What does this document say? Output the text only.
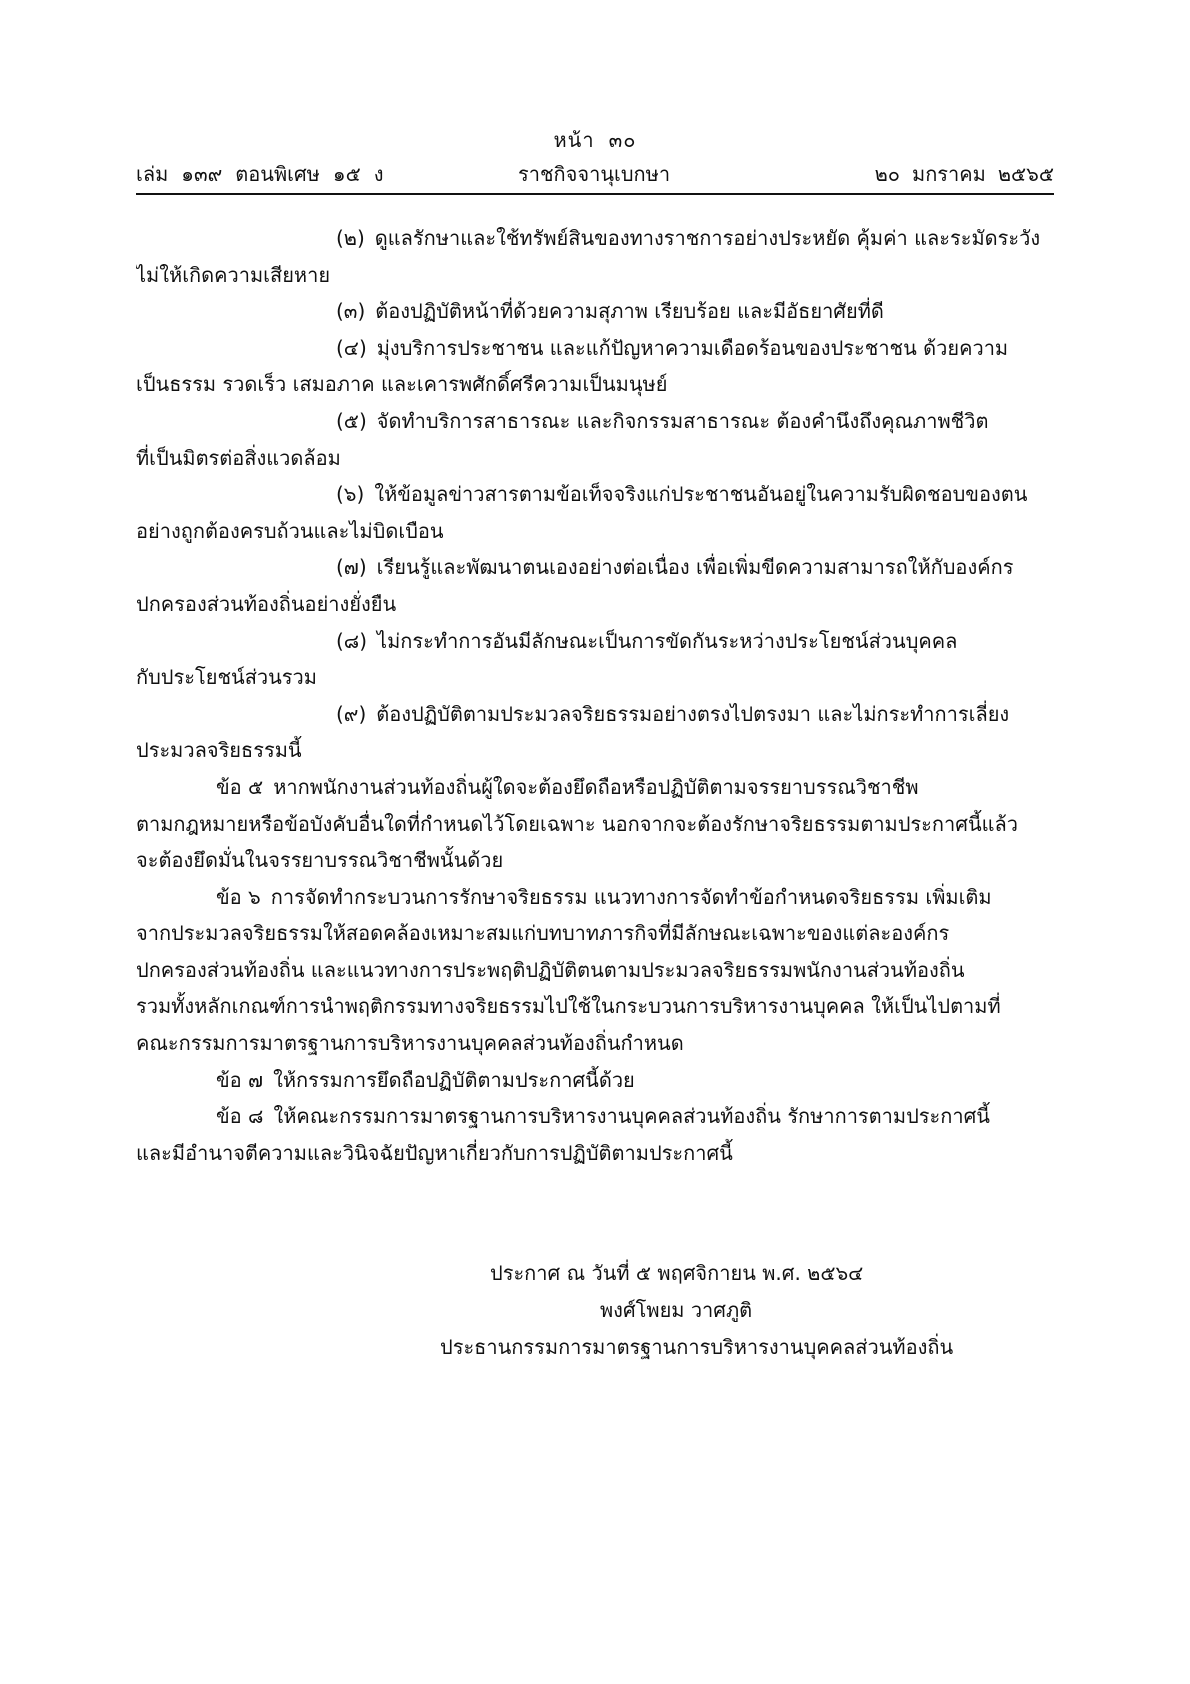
หน้า ๓๐
เล่ม ๑๓๙ ตอนพิเศษ ๑๕ ง	ราชกิจจานุเบกษา	๒๐ มกราคม ๒๕๖๕
(๒) ดูแลรักษาและใช้ทรัพย์สินของทางราชการอย่างประหยัด คุ้มค่า และระมัดระวัง
ไม่ให้เกิดความเสียหาย
(๓) ต้องปฏิบัติหน้าที่ด้วยความสุภาพ เรียบร้อย และมีอัธยาศัยที่ดี
(๔) มุ่งบริการประชาชน และแก้ปัญหาความเดือดร้อนของประชาชน ด้วยความ
เป็นธรรม รวดเร็ว เสมอภาค และเคารพศักดิ์ศรีความเป็นมนุษย์
(๕) จัดทำบริการสาธารณะ และกิจกรรมสาธารณะ ต้องคำนึงถึงคุณภาพชีวิต
ที่เป็นมิตรต่อสิ่งแวดล้อม
(๖) ให้ข้อมูลข่าวสารตามข้อเท็จจริงแก่ประชาชนอันอยู่ในความรับผิดชอบของตน
อย่างถูกต้องครบถ้วนและไม่บิดเบือน
(๗) เรียนรู้และพัฒนาตนเองอย่างต่อเนื่อง เพื่อเพิ่มขีดความสามารถให้กับองค์กร
ปกครองส่วนท้องถิ่นอย่างยั่งยืน
(๘) ไม่กระทำการอันมีลักษณะเป็นการขัดกันระหว่างประโยชน์ส่วนบุคคล
กับประโยชน์ส่วนรวม
(๙) ต้องปฏิบัติตามประมวลจริยธรรมอย่างตรงไปตรงมา และไม่กระทำการเลี่ยง
ประมวลจริยธรรมนี้
ข้อ ๕ หากพนักงานส่วนท้องถิ่นผู้ใดจะต้องยึดถือหรือปฏิบัติตามจรรยาบรรณวิชาชีพ
ตามกฎหมายหรือข้อบังคับอื่นใดที่กำหนดไว้โดยเฉพาะ นอกจากจะต้องรักษาจริยธรรมตามประกาศนี้แล้ว
จะต้องยึดมั่นในจรรยาบรรณวิชาชีพนั้นด้วย
ข้อ ๖ การจัดทำกระบวนการรักษาจริยธรรม แนวทางการจัดทำข้อกำหนดจริยธรรม เพิ่มเติม
จากประมวลจริยธรรมให้สอดคล้องเหมาะสมแก่บทบาทภารกิจที่มีลักษณะเฉพาะของแต่ละองค์กร
ปกครองส่วนท้องถิ่น และแนวทางการประพฤติปฏิบัติตนตามประมวลจริยธรรมพนักงานส่วนท้องถิ่น
รวมทั้งหลักเกณฑ์การนำพฤติกรรมทางจริยธรรมไปใช้ในกระบวนการบริหารงานบุคคล ให้เป็นไปตามที่
คณะกรรมการมาตรฐานการบริหารงานบุคคลส่วนท้องถิ่นกำหนด
ข้อ ๗ ให้กรรมการยึดถือปฏิบัติตามประกาศนี้ด้วย
ข้อ ๘ ให้คณะกรรมการมาตรฐานการบริหารงานบุคคลส่วนท้องถิ่น รักษาการตามประกาศนี้
และมีอำนาจตีความและวินิจฉัยปัญหาเกี่ยวกับการปฏิบัติตามประกาศนี้
ประกาศ ณ วันที่ ๕ พฤศจิกายน พ.ศ. ๒๕๖๔
พงศ์โพยม วาศภูติ
ประธานกรรมการมาตรฐานการบริหารงานบุคคลส่วนท้องถิ่น
